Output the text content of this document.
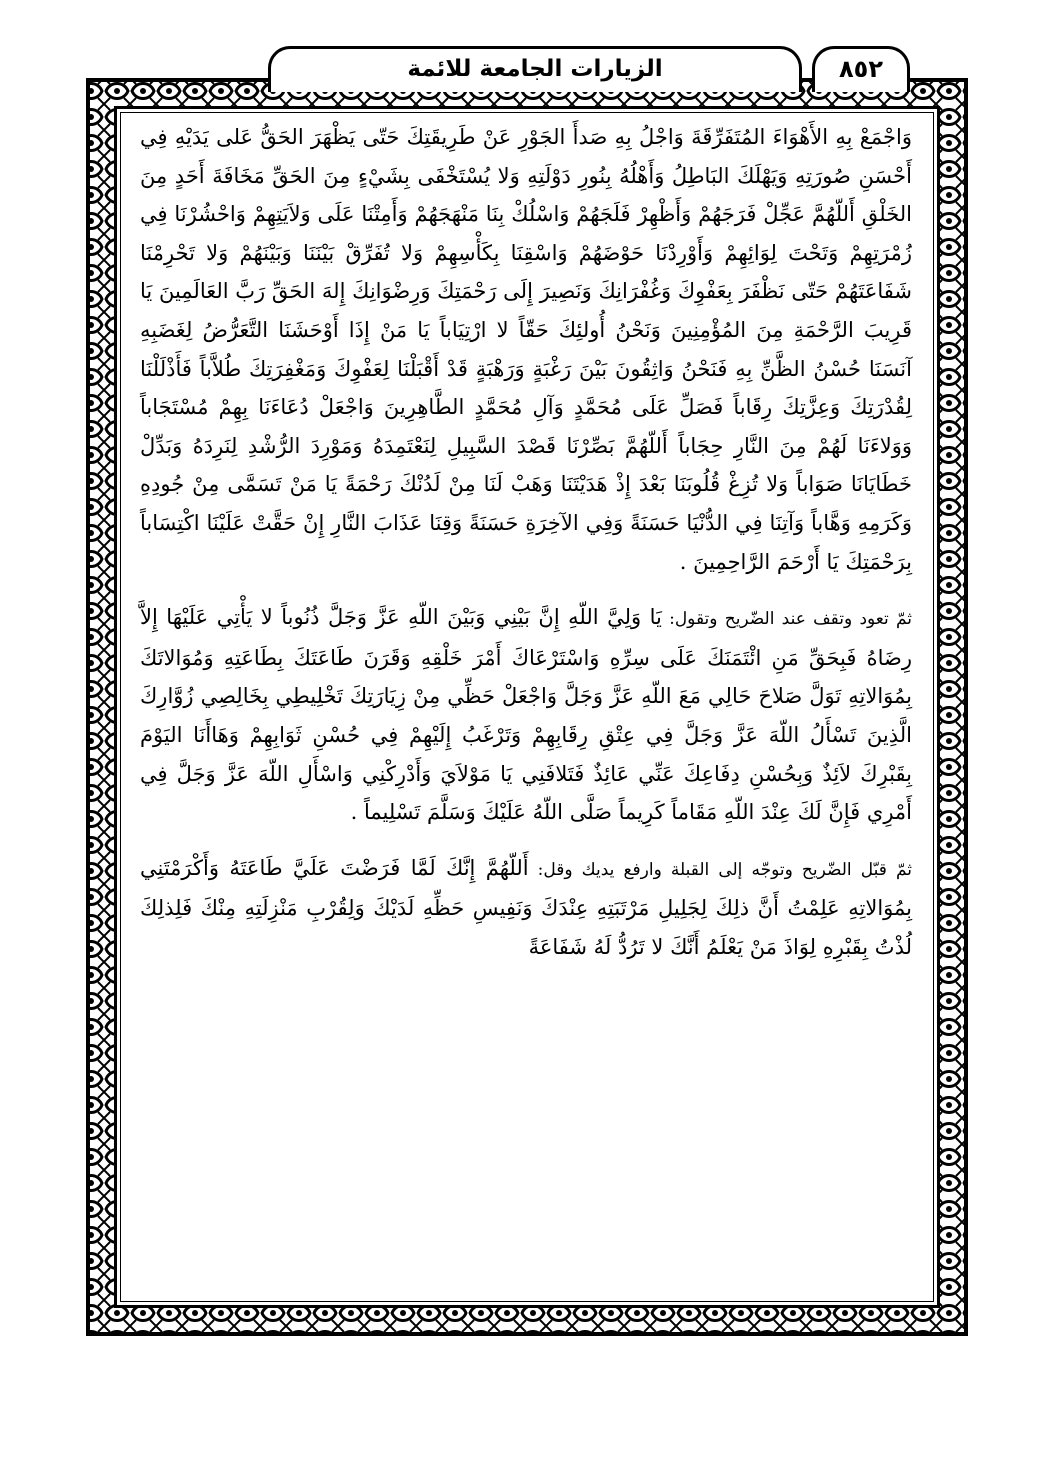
الزيارات الجامعة للائمة	٨٥٢

وَاجْمَعْ بِهِ الأَهْوَاءَ المُتَفَرِّقَةَ وَاجْلُ بِهِ صَدأَ الجَوْرِ عَنْ طَرِيقَتِكَ حَتّى يَظْهَرَ الحَقُّ عَلى يَدَيْهِ فِي أَحْسَنِ صُورَتِهِ وَيَهْلَكَ البَاطِلُ وَأَهْلُهُ بِنُورِ دَوْلَتِهِ وَلا يُسْتَخْفَى بِشَيْءٍ مِنَ الحَقِّ مَخَافَةَ أَحَدٍ مِنَ الخَلْقِ أَللّهُمَّ عَجِّلْ فَرَجَهُمْ وَأَظْهِرْ فَلَجَهُمْ وَاسْلُكْ بِنَا مَنْهَجَهُمْ وَأَمِتْنَا عَلَى وَلاَيَتِهِمْ وَاحْشُرْنَا فِي زُمْرَتِهِمْ وَتَحْتَ لِوَائِهِمْ وَأَوْرِدْنَا حَوْضَهُمْ وَاسْقِنَا بِكَأْسِهِمْ وَلا تُفَرِّقْ بَيْنَنَا وَبَيْنَهُمْ وَلا تَحْرِمْنَا شَفَاعَتَهُمْ حَتّى نَظْفَرَ بِعَفْوِكَ وَغُفْرَانِكَ وَنَصِيرَ إِلَى رَحْمَتِكَ وَرِضْوَانِكَ إِلهَ الحَقِّ رَبَّ العَالَمِينَ يَا قَرِيبَ الرَّحْمَةِ مِنَ المُؤْمِنِينَ وَنَحْنُ أُولئِكَ حَقّاً لا ارْتِيَاباً يَا مَنْ إِذَا أَوْحَشَنَا التَّعَرُّضُ لِغَضَبِهِ آنَسَنَا حُسْنُ الظَّنِّ بِهِ فَنَحْنُ وَاثِقُونَ بَيْنَ رَغْبَةٍ وَرَهْبَةٍ قَدْ أَقْبَلْنَا لِعَفْوِكَ وَمَغْفِرَتِكَ طُلاَّباً فَأَذْلَلْنَا لِقُدْرَتِكَ وَعِزَّتِكَ رِقَاباً فَصَلِّ عَلَى مُحَمَّدٍ وَآلِ مُحَمَّدٍ الطَّاهِرِينَ وَاجْعَلْ دُعَاءَنَا بِهِمْ مُسْتَجَاباً وَوَلاءَنَا لَهُمْ مِنَ النَّارِ حِجَاباً أَللّهُمَّ بَصِّرْنَا قَصْدَ السَّبِيلِ لِنَعْتَمِدَهُ وَمَوْرِدَ الرُّشْدِ لِنَرِدَهُ وَبَدِّلْ خَطَايَانَا صَوَاباً وَلا تُزِغْ قُلُوبَنَا بَعْدَ إِذْ هَدَيْتَنَا وَهَبْ لَنَا مِنْ لَدُنْكَ رَحْمَةً يَا مَنْ تَسَمَّى مِنْ جُودِهِ وَكَرَمِهِ وَهَّاباً وَآتِنَا فِي الدُّنْيَا حَسَنَةً وَفِي الآخِرَةِ حَسَنَةً وَقِنَا عَذَابَ النَّارِ إِنْ حَقَّتْ عَلَيْنَا اكْتِسَاباً بِرَحْمَتِكَ يَا أَرْحَمَ الرَّاحِمِينَ .

ثمّ تعود وتقف عند الضّريح وتقول: يَا وَلِيَّ اللّهِ إِنَّ بَيْنِي وَبَيْنَ اللّهِ عَزَّ وَجَلَّ ذُنُوباً لا يَأْتِي عَلَيْهَا إِلاَّ رِضَاهُ فَبِحَقِّ مَنِ ائْتَمَنَكَ عَلَى سِرِّهِ وَاسْتَرْعَاكَ أَمْرَ خَلْقِهِ وَقَرَنَ طَاعَتَكَ بِطَاعَتِهِ وَمُوَالاتَكَ بِمُوَالاتِهِ تَوَلَّ صَلاحَ حَالِي مَعَ اللّهِ عَزَّ وَجَلَّ وَاجْعَلْ حَظِّي مِنْ زِيَارَتِكَ تَخْلِيطِي بِخَالِصِي زُوَّارِكَ الَّذِينَ تَسْأَلُ اللّهَ عَزَّ وَجَلَّ فِي عِتْقِ رِقَابِهِمْ وَتَرْغَبُ إِلَيْهِمْ فِي حُسْنِ ثَوَابِهِمْ وَهَاأَنَا اليَوْمَ بِقَبْرِكَ لاَئِذٌ وَبِحُسْنِ دِفَاعِكَ عَنِّي عَائِذٌ فَتَلافَنِي يَا مَوْلاَيَ وَأَدْرِكْنِي وَاسْأَلِ اللّهَ عَزَّ وَجَلَّ فِي أَمْرِي فَإِنَّ لَكَ عِنْدَ اللّهِ مَقَاماً كَرِيماً صَلَّى اللّهُ عَلَيْكَ وَسَلَّمَ تَسْلِيماً .

ثمّ قبّل الضّريح وتوجّه إلى القبلة وارفع يديك وقل: أَللّهُمَّ إِنَّكَ لَمَّا فَرَضْتَ عَلَيَّ طَاعَتَهُ وَأَكْرَمْتَنِي بِمُوَالاتِهِ عَلِمْتُ أَنَّ ذلِكَ لِجَلِيلِ مَرْتَبَتِهِ عِنْدَكَ وَنَفِيسِ حَظِّهِ لَدَيْكَ وَلِقُرْبِ مَنْزِلَتِهِ مِنْكَ فَلِذلِكَ لُذْتُ بِقَبْرِهِ لِوَاذَ مَنْ يَعْلَمُ أَنَّكَ لا تَرُدُّ لَهُ شَفَاعَةً
